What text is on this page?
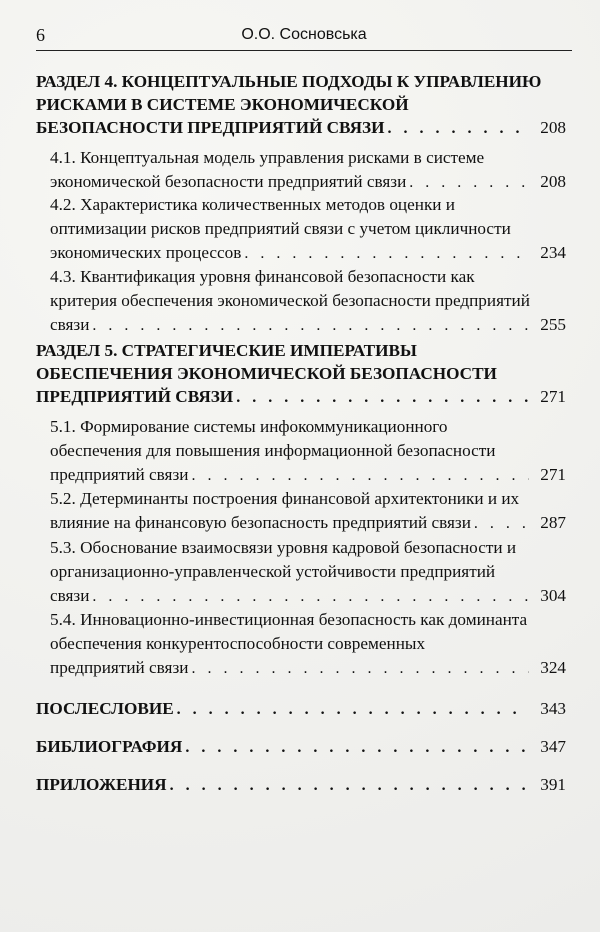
6	О.О. Сосновська
РАЗДЕЛ 4. КОНЦЕПТУАЛЬНЫЕ ПОДХОДЫ К УПРАВЛЕНИЮ
РИСКАМИ В СИСТЕМЕ ЭКОНОМИЧЕСКОЙ
БЕЗОПАСНОСТИ ПРЕДПРИЯТИЙ СВЯЗИ . . .	208
4.1. Концептуальная модель управления рисками в системе
экономической безопасности предприятий связи . . .	208
4.2. Характеристика количественных методов оценки и
оптимизации рисков предприятий связи с учетом цикличности
экономических процессов . . .	234
4.3. Квантификация уровня финансовой безопасности как
критерия обеспечения экономической безопасности предприятий
связи . . .	255
РАЗДЕЛ 5. СТРАТЕГИЧЕСКИЕ ИМПЕРАТИВЫ
ОБЕСПЕЧЕНИЯ ЭКОНОМИЧЕСКОЙ БЕЗОПАСНОСТИ
ПРЕДПРИЯТИЙ СВЯЗИ . . .	271
5.1. Формирование системы инфокоммуникационного
обеспечения для повышения информационной безопасности
предприятий связи . . .	271
5.2. Детерминанты построения финансовой архитектоники и их
влияние на финансовую безопасность предприятий связи . . .	287
5.3. Обоснование взаимосвязи уровня кадровой безопасности и
организационно-управленческой устойчивости предприятий
связи . . .	304
5.4. Инновационно-инвестиционная безопасность как доминанта
обеспечения конкурентоспособности современных
предприятий связи . . .	324
ПОСЛЕСЛОВИЕ . . .	343
БИБЛИОГРАФИЯ . . .	347
ПРИЛОЖЕНИЯ . . .	391
